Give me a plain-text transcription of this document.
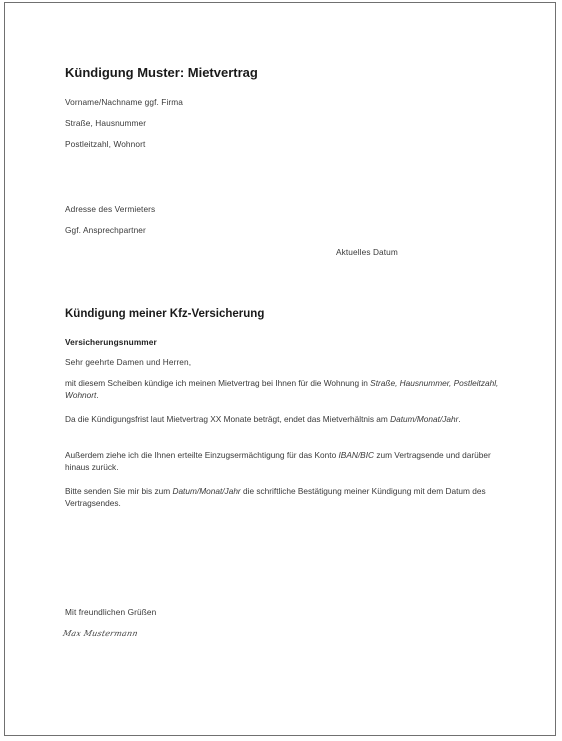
Kündigung Muster: Mietvertrag
Vorname/Nachname ggf. Firma
Straße, Hausnummer
Postleitzahl, Wohnort
Adresse des Vermieters
Ggf. Ansprechpartner
Aktuelles Datum
Kündigung meiner Kfz-Versicherung
Versicherungsnummer
Sehr geehrte Damen und Herren,
mit diesem Scheiben kündige ich meinen Mietvertrag bei Ihnen für die Wohnung in Straße, Hausnummer, Postleitzahl, Wohnort.
Da die Kündigungsfrist laut Mietvertrag XX Monate beträgt, endet das Mietverhältnis am Datum/Monat/Jahr.
Außerdem ziehe ich die Ihnen erteilte Einzugsermächtigung für das Konto IBAN/BIC zum Vertragsende und darüber hinaus zurück.
Bitte senden Sie mir bis zum Datum/Monat/Jahr die schriftliche Bestätigung meiner Kündigung mit dem Datum des Vertragsendes.
Mit freundlichen Grüßen
Max Mustermann
